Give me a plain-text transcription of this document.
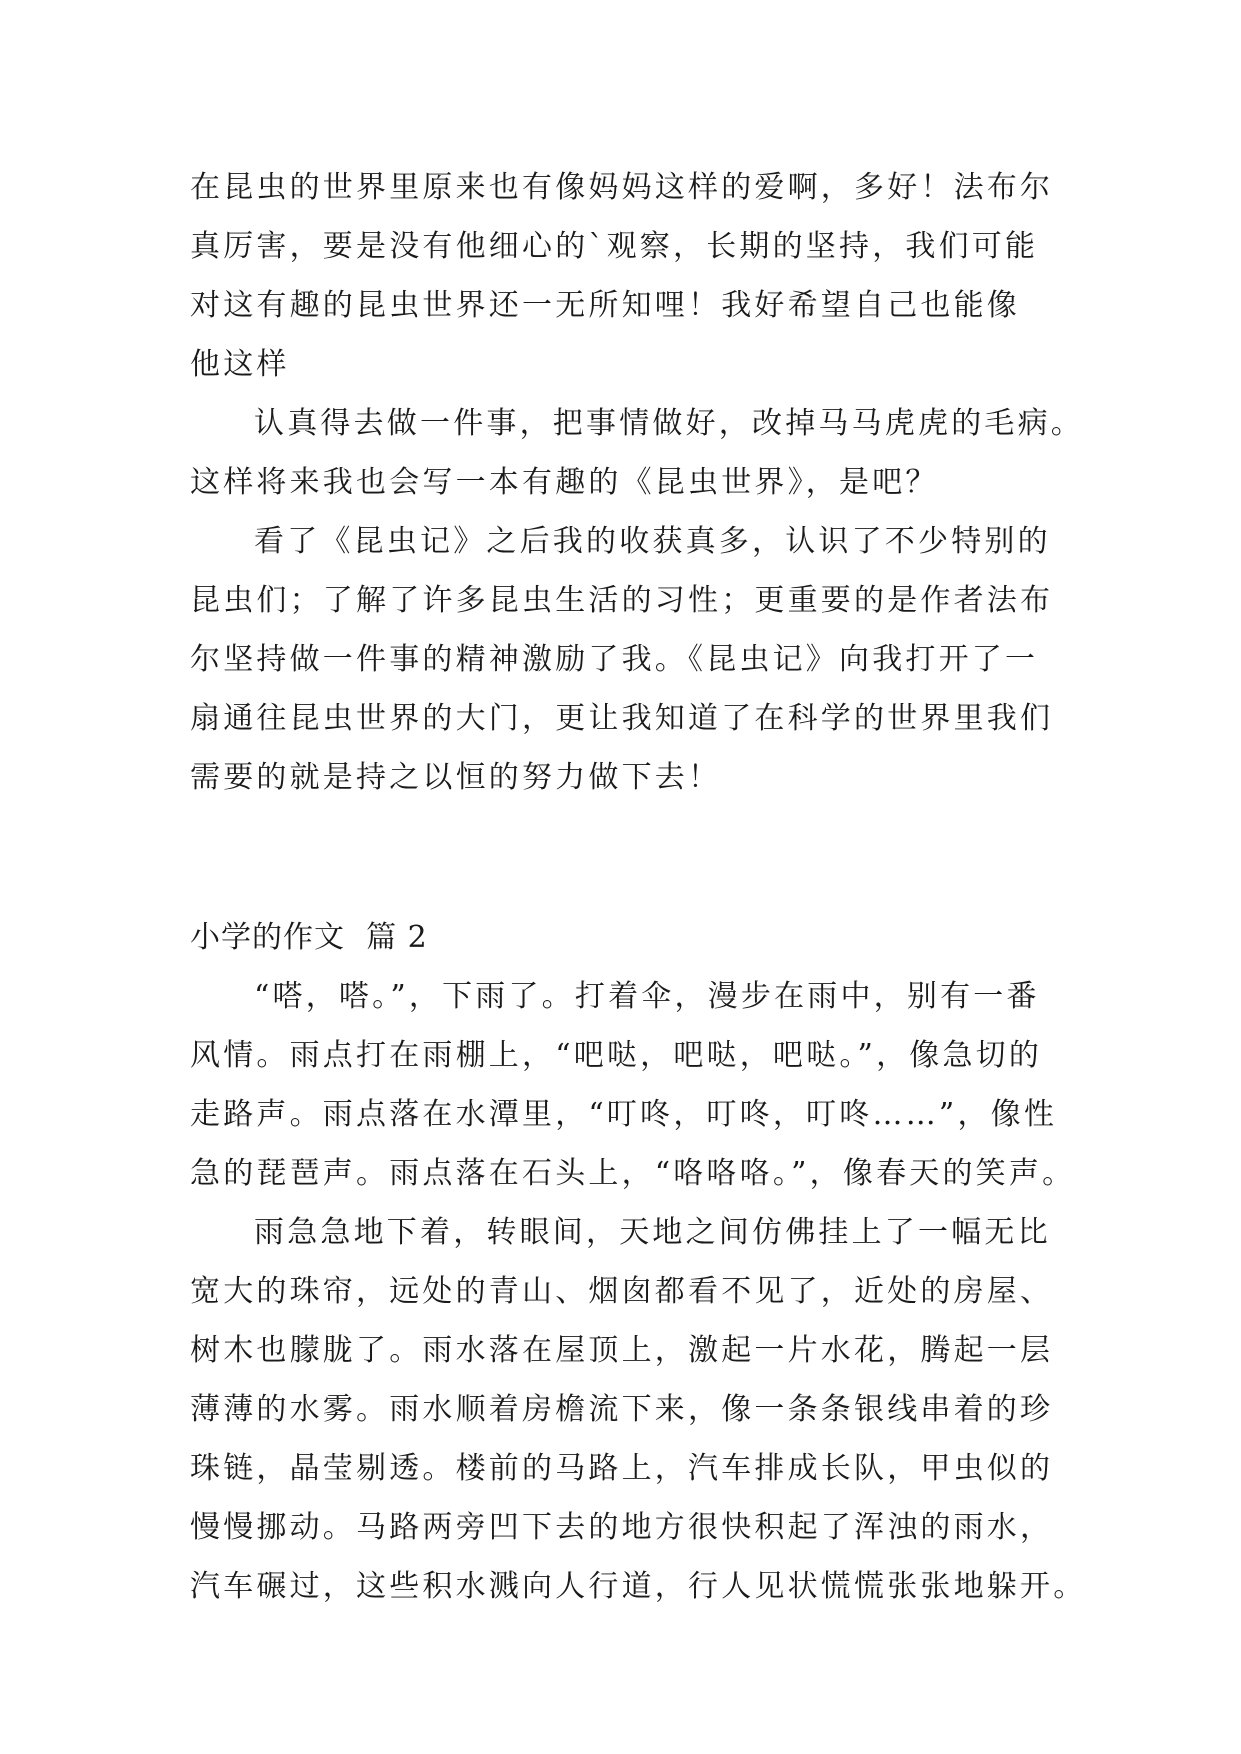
在昆虫的世界里原来也有像妈妈这样的爱啊，多好！法布尔
真厉害，要是没有他细心的`观察，长期的坚持，我们可能
对这有趣的昆虫世界还一无所知哩！我好希望自己也能像
他这样
认真得去做一件事，把事情做好，改掉马马虎虎的毛病。
这样将来我也会写一本有趣的《昆虫世界》，是吧？
看了《昆虫记》之后我的收获真多，认识了不少特别的
昆虫们；了解了许多昆虫生活的习性；更重要的是作者法布
尔坚持做一件事的精神激励了我。《昆虫记》向我打开了一
扇通往昆虫世界的大门，更让我知道了在科学的世界里我们
需要的就是持之以恒的努力做下去！
小学的作文  篇 2
“嗒，嗒。”，下雨了。打着伞，漫步在雨中，别有一番
风情。雨点打在雨棚上，“吧哒，吧哒，吧哒。”，像急切的
走路声。雨点落在水潭里，“叮咚，叮咚，叮咚……”，像性
急的琵琶声。雨点落在石头上，“咯咯咯。”，像春天的笑声。
雨急急地下着，转眼间，天地之间仿佛挂上了一幅无比
宽大的珠帘，远处的青山、烟囱都看不见了，近处的房屋、
树木也朦胧了。雨水落在屋顶上，激起一片水花，腾起一层
薄薄的水雾。雨水顺着房檐流下来，像一条条银线串着的珍
珠链，晶莹剔透。楼前的马路上，汽车排成长队，甲虫似的
慢慢挪动。马路两旁凹下去的地方很快积起了浑浊的雨水，
汽车碾过，这些积水溅向人行道，行人见状慌慌张张地躲开。
